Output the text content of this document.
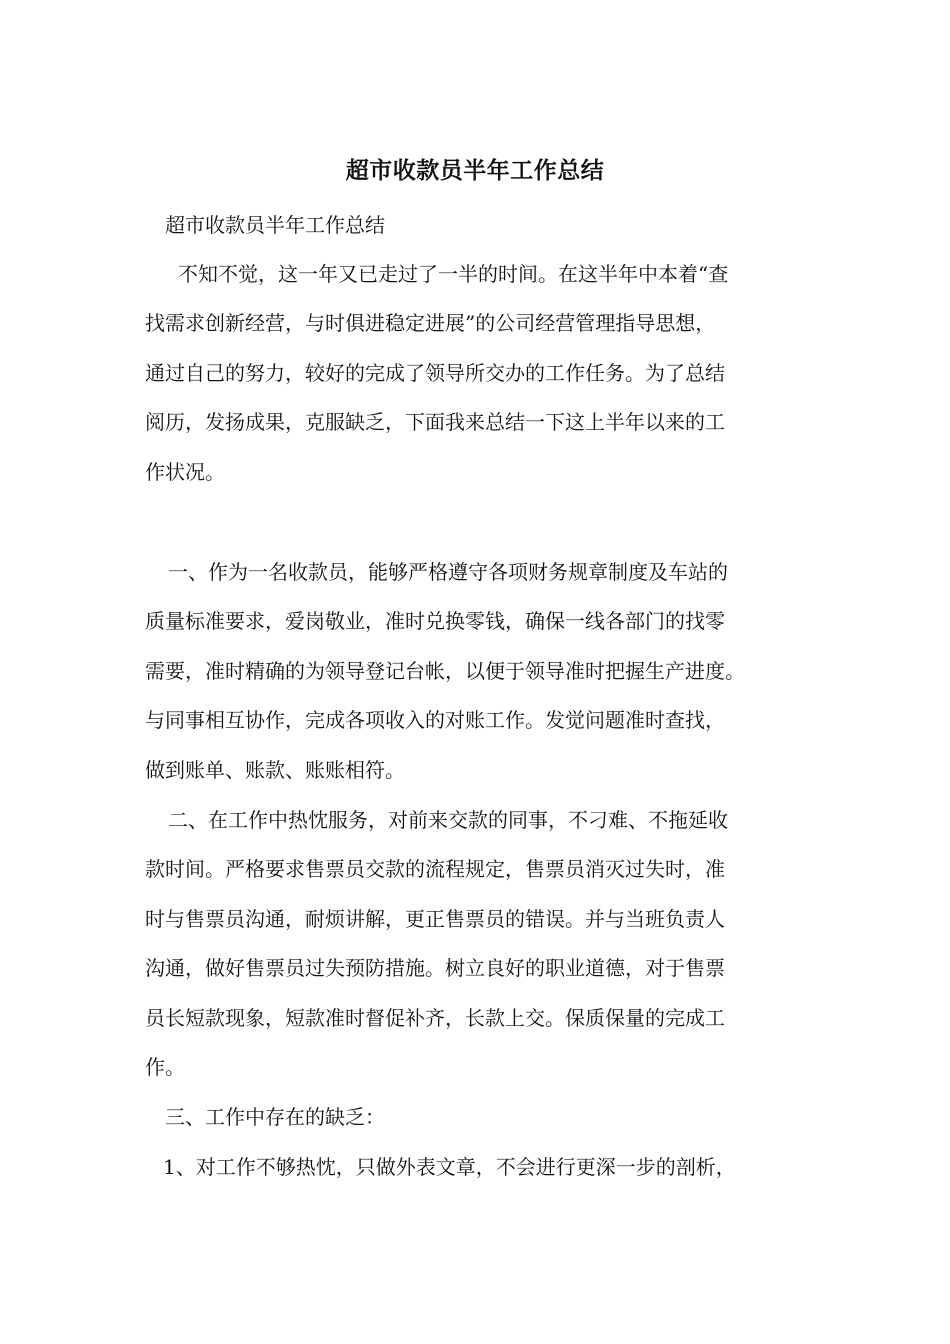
超市收款员半年工作总结
超市收款员半年工作总结
不知不觉，这一年又已走过了一半的时间。在这半年中本着“查
找需求创新经营，与时俱进稳定进展”的公司经营管理指导思想，
通过自己的努力，较好的完成了领导所交办的工作任务。为了总结
阅历，发扬成果，克服缺乏，下面我来总结一下这上半年以来的工
作状况。
一、作为一名收款员，能够严格遵守各项财务规章制度及车站的
质量标准要求，爱岗敬业，准时兑换零钱，确保一线各部门的找零
需要，准时精确的为领导登记台帐，以便于领导准时把握生产进度。
与同事相互协作，完成各项收入的对账工作。发觉问题准时查找，
做到账单、账款、账账相符。
二、在工作中热忱服务，对前来交款的同事，不刁难、不拖延收
款时间。严格要求售票员交款的流程规定，售票员消灭过失时，准
时与售票员沟通，耐烦讲解，更正售票员的错误。并与当班负责人
沟通，做好售票员过失预防措施。树立良好的职业道德，对于售票
员长短款现象，短款准时督促补齐，长款上交。保质保量的完成工
作。
三、工作中存在的缺乏：
1、对工作不够热忱，只做外表文章，不会进行更深一步的剖析，
